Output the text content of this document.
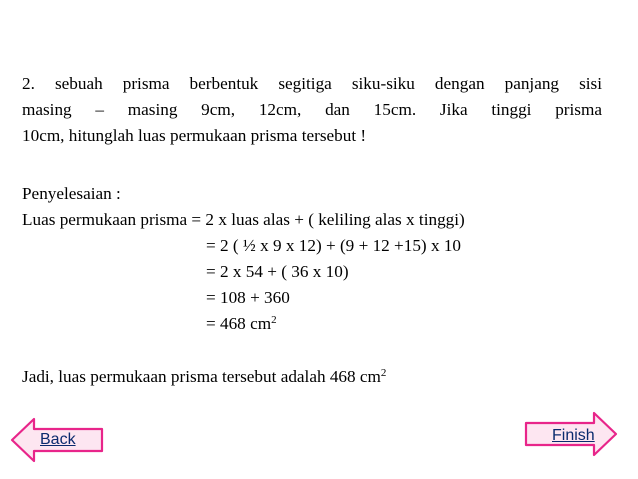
2. sebuah prisma berbentuk segitiga siku-siku dengan panjang sisi
masing – masing 9cm, 12cm, dan 15cm. Jika tinggi prisma
10cm, hitunglah luas permukaan prisma tersebut !
Penyelesaian :
Luas permukaan prisma = 2 x luas alas + ( keliling alas x tinggi)
= 2 ( ½ x 9 x 12) + (9 + 12 +15) x 10
= 2 x 54 + ( 36 x 10)
= 108 + 360
= 468 $cm^2$
Jadi, luas permukaan prisma tersebut adalah 468 $cm^2$
Back	Finish
